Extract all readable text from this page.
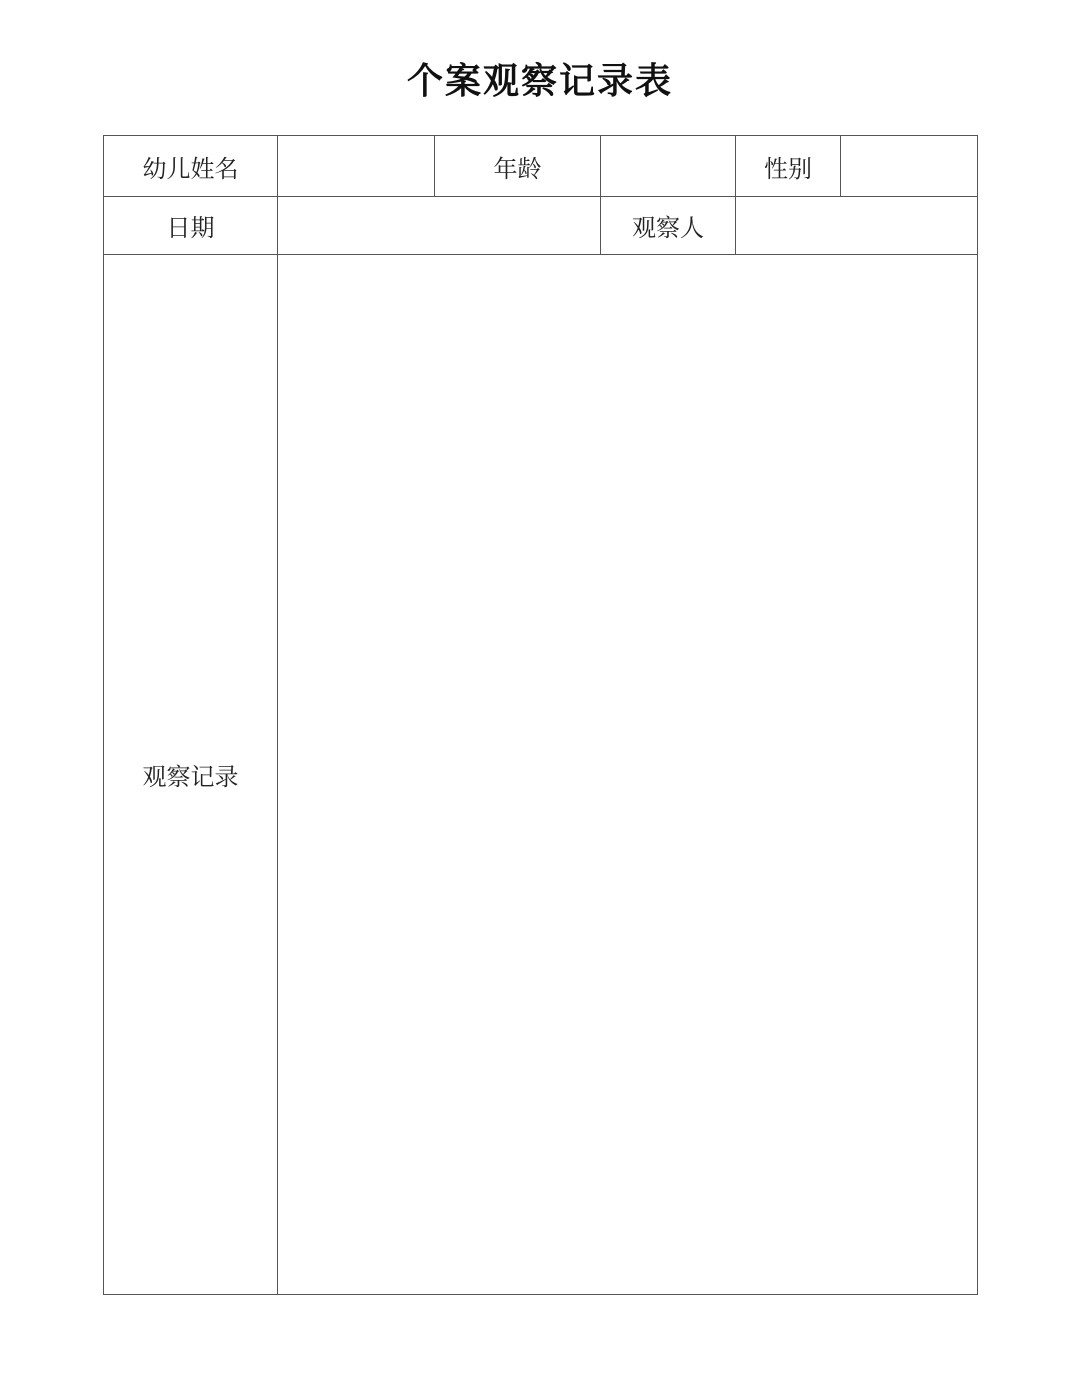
个案观察记录表
幼儿姓名		年龄		性别	
日期			观察人		
观察记录					
